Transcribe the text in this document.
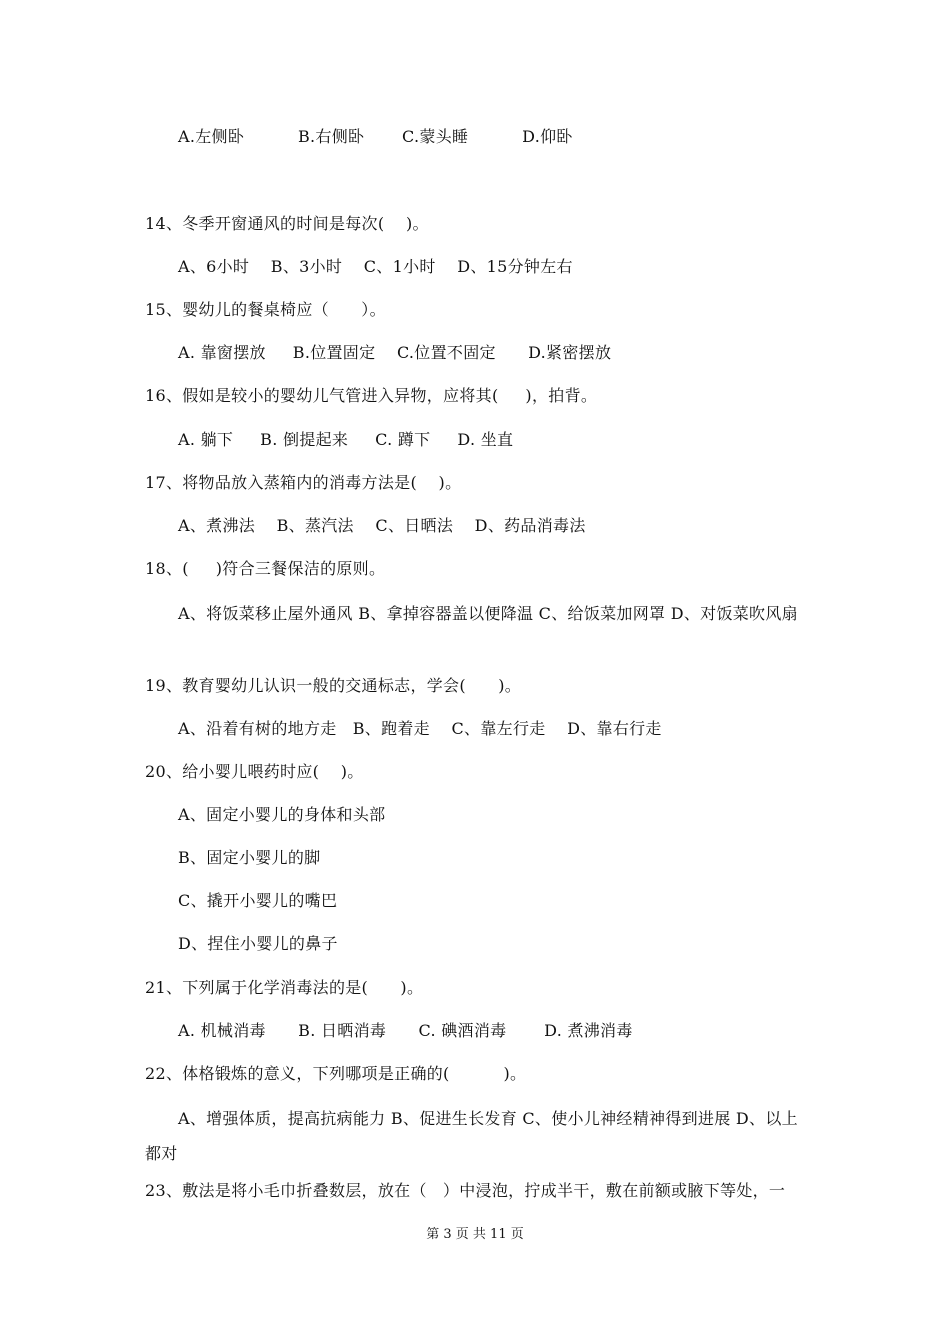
A.左侧卧          B.右侧卧       C.蒙头睡          D.仰卧
14、冬季开窗通风的时间是每次(    )。
A、6小时    B、3小时    C、1小时    D、15分钟左右
15、婴幼儿的餐桌椅应（      ）。
A. 靠窗摆放     B.位置固定    C.位置不固定      D.紧密摆放
16、假如是较小的婴幼儿气管进入异物，应将其(     )，拍背。
A. 躺下     B. 倒提起来     C. 蹲下     D. 坐直
17、将物品放入蒸箱内的消毒方法是(    )。
A、煮沸法    B、蒸汽法    C、日晒法    D、药品消毒法
18、(     )符合三餐保洁的原则。
A、将饭菜移止屋外通风 B、拿掉容器盖以便降温 C、给饭菜加网罩 D、对饭菜吹风扇
19、教育婴幼儿认识一般的交通标志，学会(      )。
A、沿着有树的地方走   B、跑着走    C、靠左行走    D、靠右行走
20、给小婴儿喂药时应(    )。
A、固定小婴儿的身体和头部
B、固定小婴儿的脚
C、撬开小婴儿的嘴巴
D、捏住小婴儿的鼻子
21、下列属于化学消毒法的是(      )。
A. 机械消毒      B. 日晒消毒      C. 碘酒消毒       D. 煮沸消毒
22、体格锻炼的意义，下列哪项是正确的(          )。
A、增强体质，提高抗病能力 B、促进生长发育 C、使小儿神经精神得到进展 D、以上都对
23、敷法是将小毛巾折叠数层，放在（   ）中浸泡，拧成半干，敷在前额或腋下等处，一
第 3 页 共 11 页
